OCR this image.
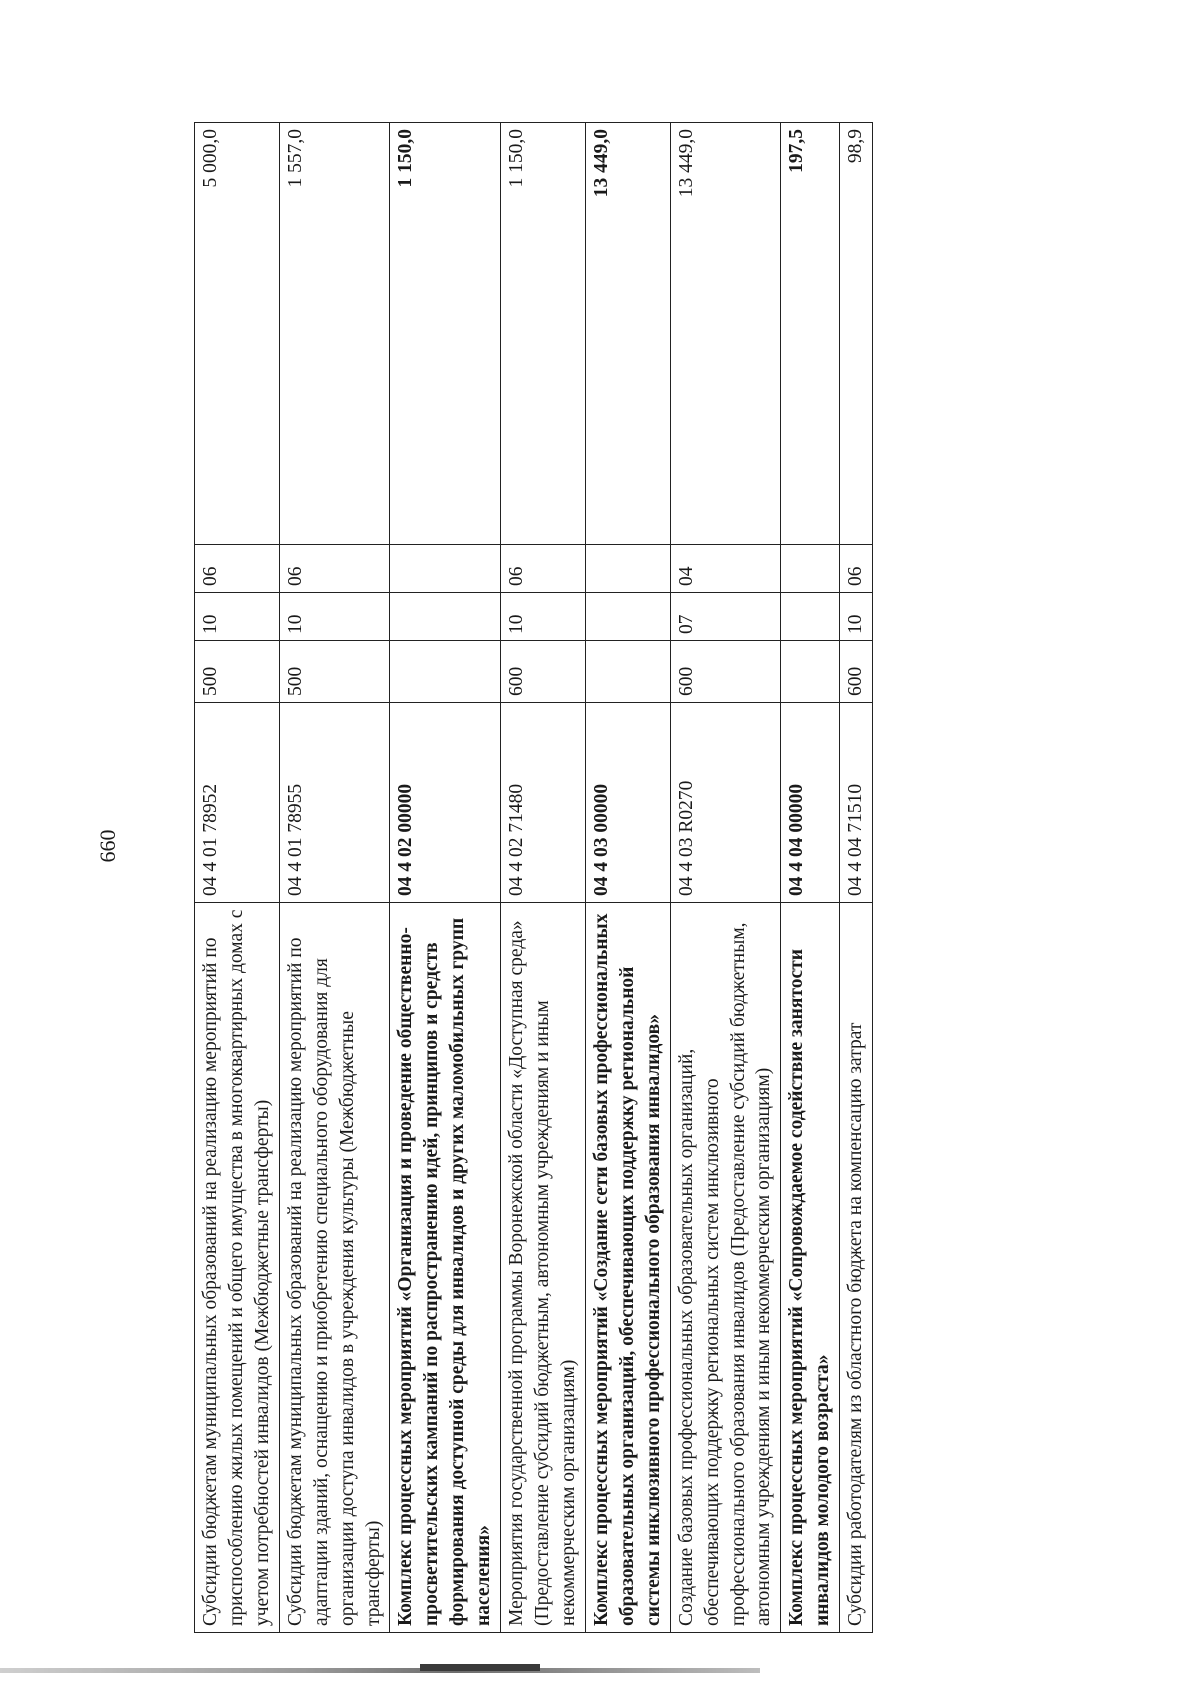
660
Субсидии бюджетам муниципальных образований на реализацию мероприятий по приспособлению жилых помещений и общего имущества в многоквартирных домах с учетом потребностей инвалидов (Межбюджетные трансферты)	04 4 01 78952	500	10	06	5 000,0
Субсидии бюджетам муниципальных образований на реализацию мероприятий по адаптации зданий, оснащению и приобретению специального оборудования для организации доступа инвалидов в учреждения культуры (Межбюджетные трансферты)	04 4 01 78955	500	10	06	1 557,0
Комплекс процессных мероприятий «Организация и проведение общественно-просветительских кампаний по распространению идей, принципов и средств формирования доступной среды для инвалидов и других маломобильных групп населения»	04 4 02 00000				1 150,0
Мероприятия государственной программы Воронежской области «Доступная среда» (Предоставление субсидий бюджетным, автономным учреждениям и иным некоммерческим организациям)	04 4 02 71480	600	10	06	1 150,0
Комплекс процессных мероприятий «Создание сети базовых профессиональных образовательных организаций, обеспечивающих поддержку региональной системы инклюзивного профессионального образования инвалидов»	04 4 03 00000				13 449,0
Создание базовых профессиональных образовательных организаций, обеспечивающих поддержку региональных систем инклюзивного профессионального образования инвалидов (Предоставление субсидий бюджетным, автономным учреждениям и иным некоммерческим организациям)	04 4 03 R0270	600	07	04	13 449,0
Комплекс процессных мероприятий «Сопровождаемое содействие занятости инвалидов молодого возраста»	04 4 04 00000				197,5
Субсидии работодателям из областного бюджета на компенсацию затрат	04 4 04 71510	600	10	06	98,9
